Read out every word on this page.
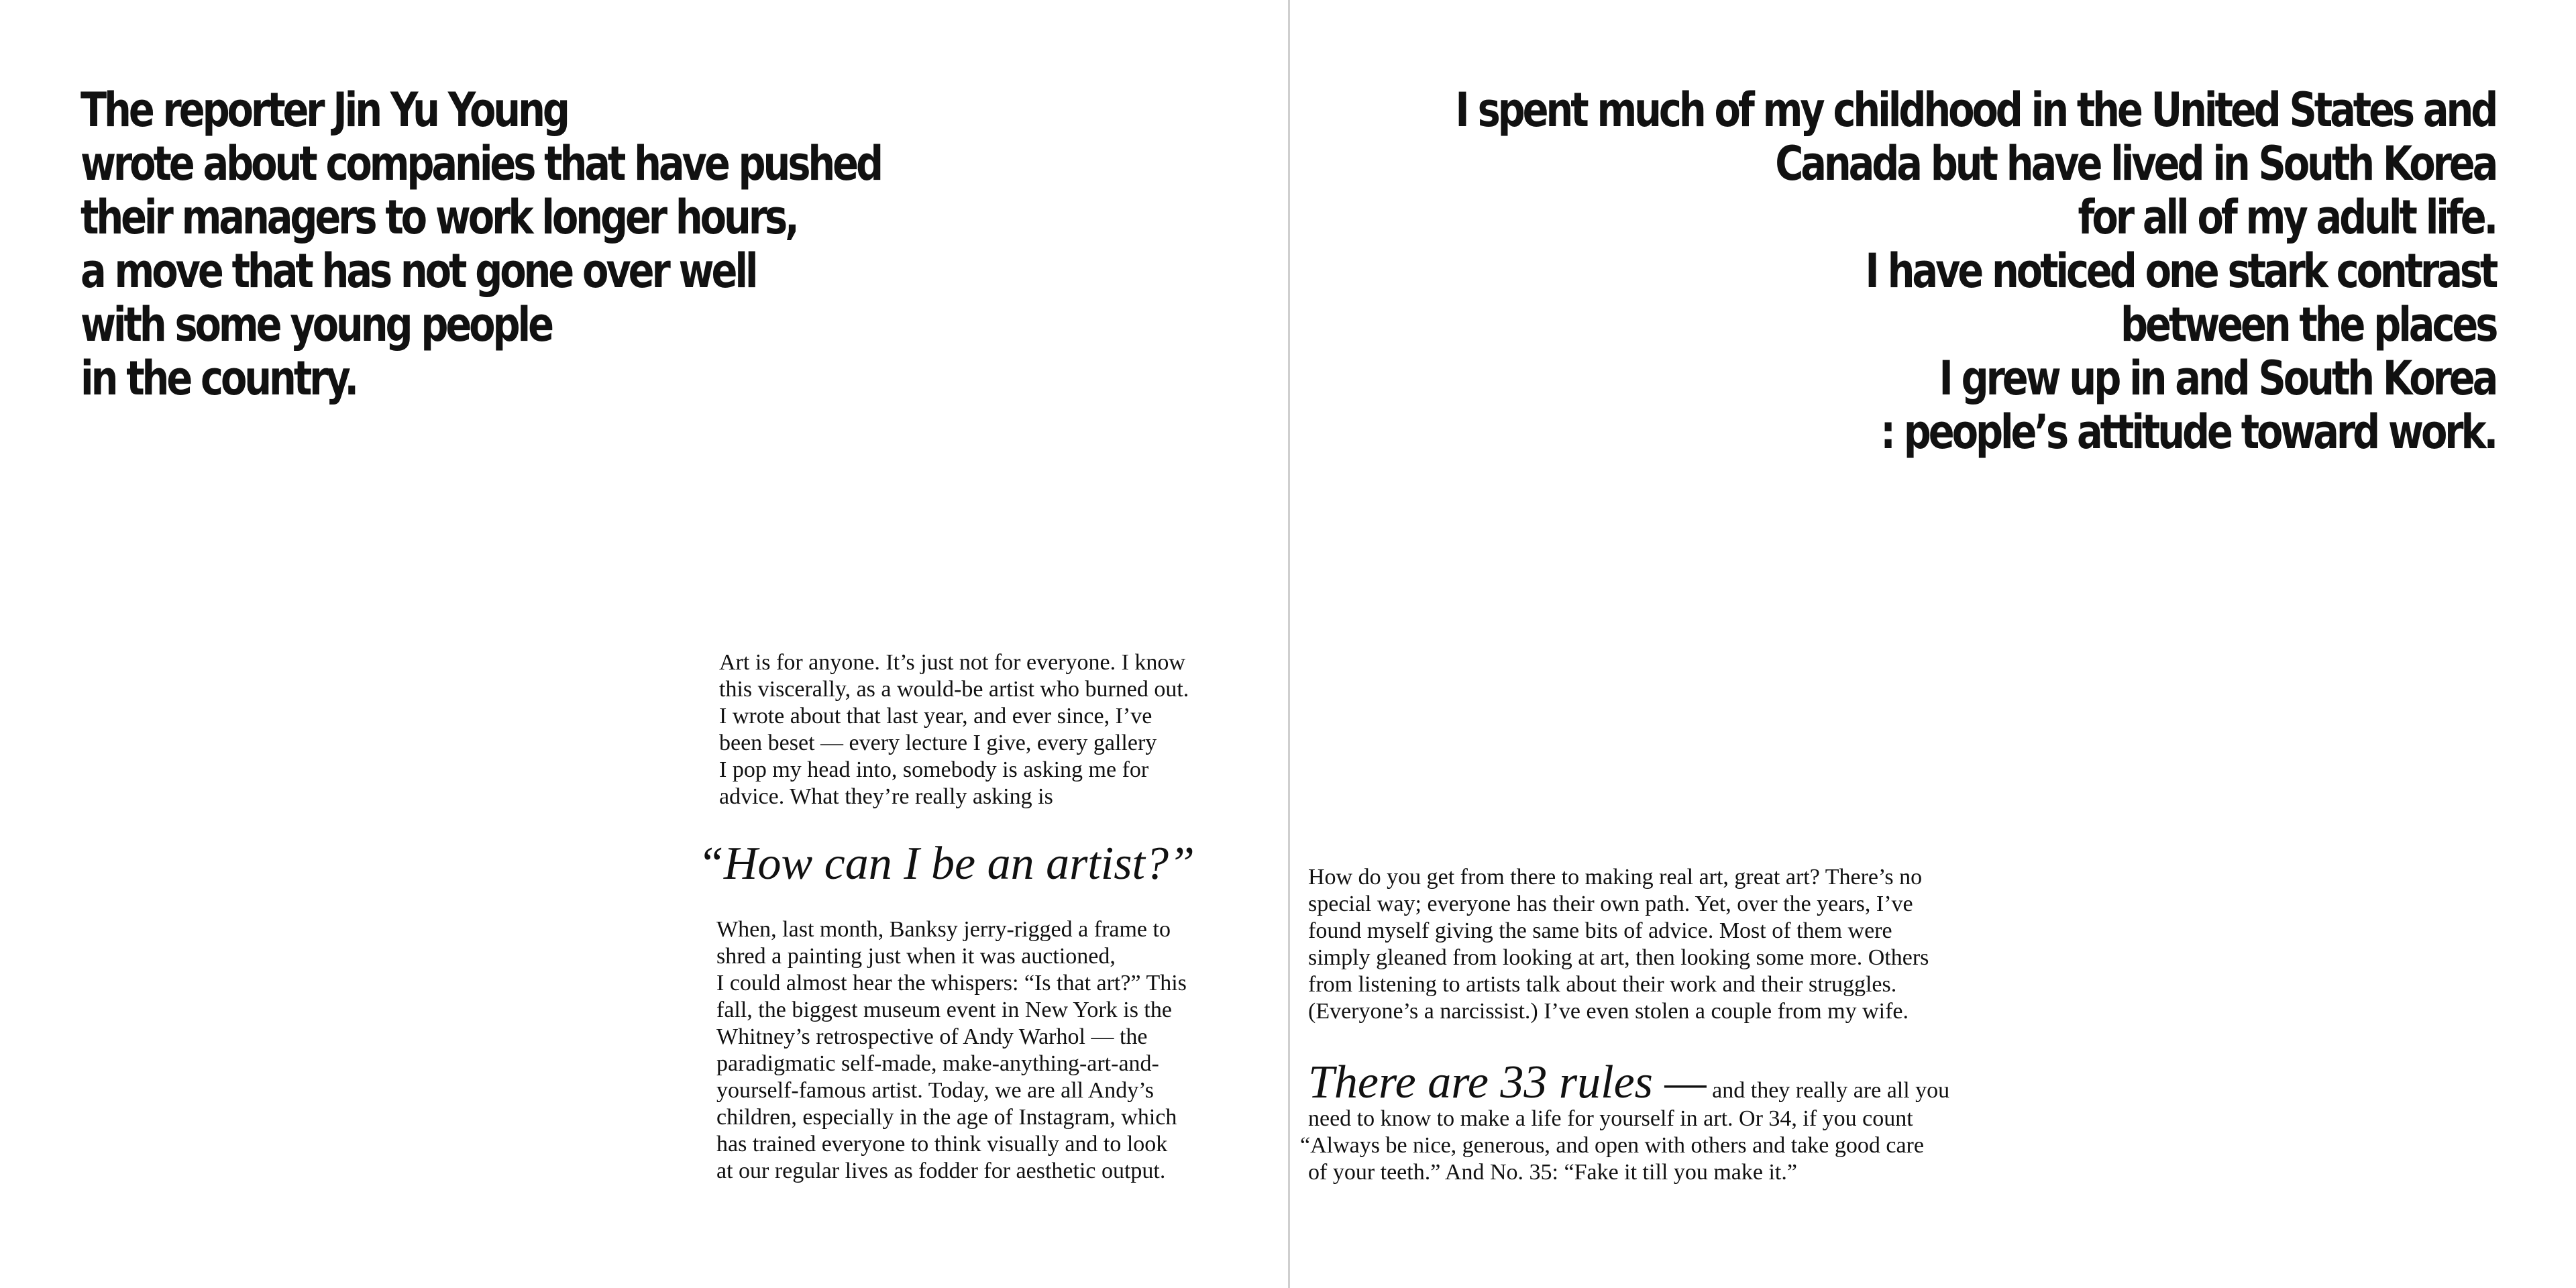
The reporter Jin Yu Young
wrote about companies that have pushed
their managers to work longer hours,
a move that has not gone over well
with some young people
in the country.
Art is for anyone. It’s just not for everyone. I know
this viscerally, as a would-be artist who burned out.
I wrote about that last year, and ever since, I’ve
been beset — every lecture I give, every gallery
I pop my head into, somebody is asking me for
advice. What they’re really asking is
“How can I be an artist?”
When, last month, Banksy jerry-rigged a frame to
shred a painting just when it was auctioned,
I could almost hear the whispers: “Is that art?” This
fall, the biggest museum event in New York is the
Whitney’s retrospective of Andy Warhol — the
paradigmatic self-made, make-anything-art-and-
yourself-famous artist. Today, we are all Andy’s
children, especially in the age of Instagram, which
has trained everyone to think visually and to look
at our regular lives as fodder for aesthetic output.
I spent much of my childhood in the United States and
Canada but have lived in South Korea
for all of my adult life.
I have noticed one stark contrast
between the places
I grew up in and South Korea
: people’s attitude toward work.
How do you get from there to making real art, great art? There’s no
special way; everyone has their own path. Yet, over the years, I’ve
found myself giving the same bits of advice. Most of them were
simply gleaned from looking at art, then looking some more. Others
from listening to artists talk about their work and their struggles.
(Everyone’s a narcissist.) I’ve even stolen a couple from my wife.
There are 33 rules — and they really are all you
need to know to make a life for yourself in art. Or 34, if you count
“Always be nice, generous, and open with others and take good care
of your teeth.” And No. 35: “Fake it till you make it.”
